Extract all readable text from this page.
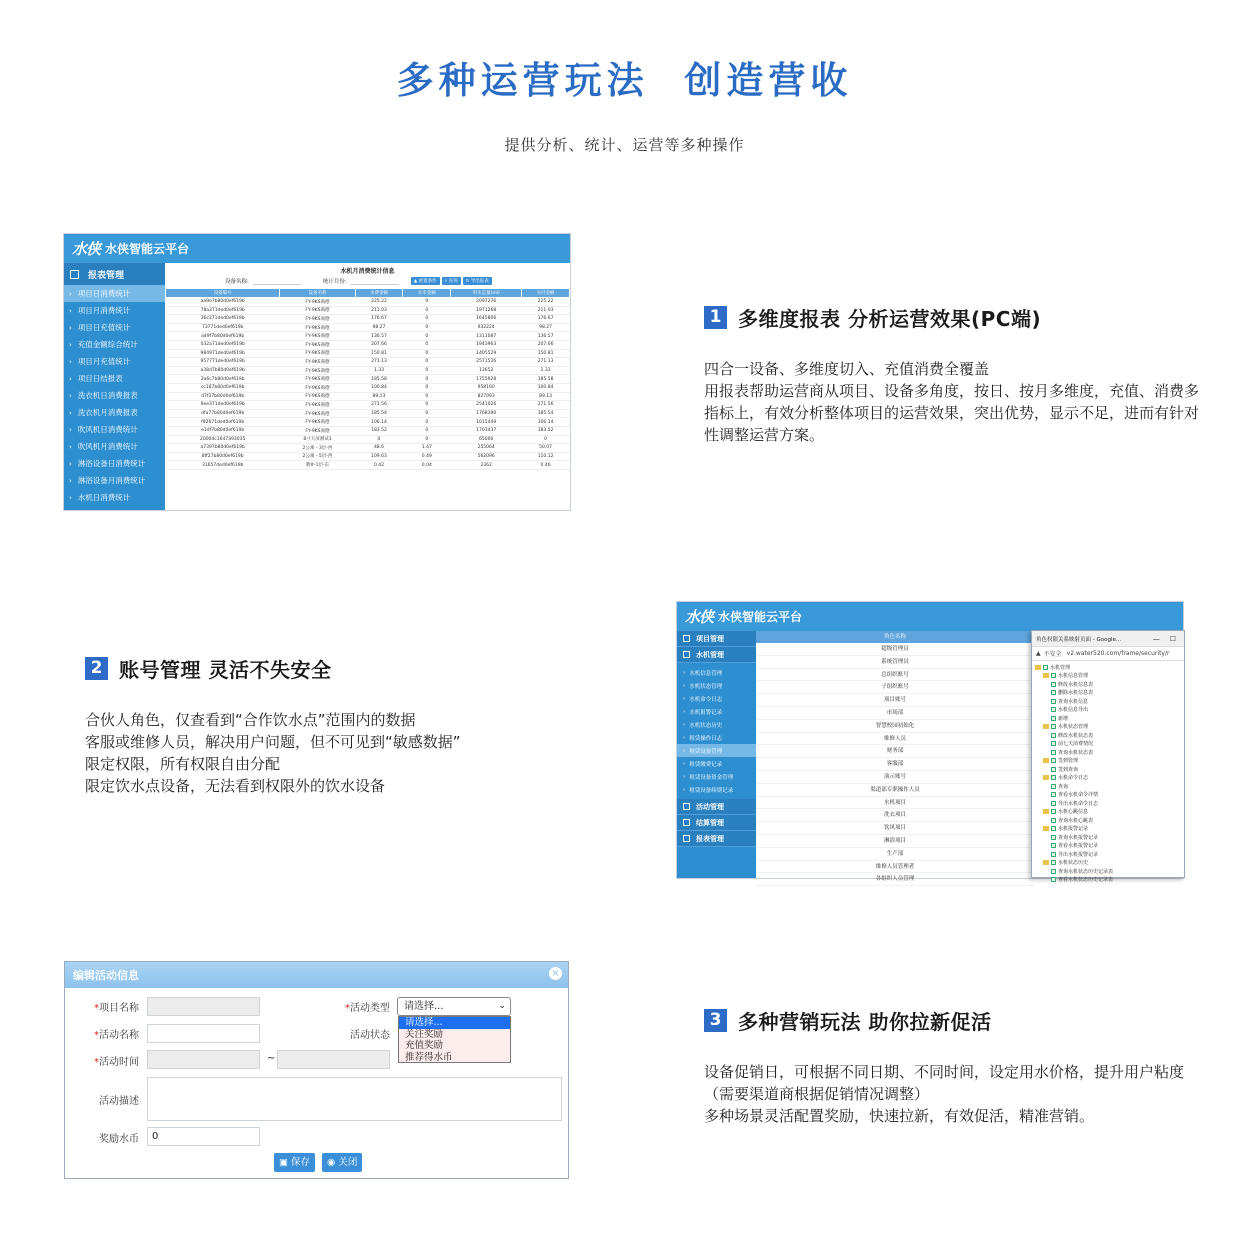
多种运营玩法  创造营收
提供分析、统计、运营等多种操作
水侠 水侠智能云平台
报表管理
› 项目日消费统计
› 项目月消费统计
› 项目日充值统计
› 充值金额综合统计
› 项目月充值统计
› 项目日结报表
› 洗衣机日消费报表
› 洗衣机月消费报表
› 吹风机日消费统计
› 吹风机月消费统计
› 淋浴设备日消费统计
› 淋浴设备月消费统计
› 水机日消费统计
水机月消费统计信息
设备名称:	统计月份:	▲ 重置条件	⌕ 查询	↻ 导出报表
设备编号	设备名称	水费金额	水币金额	用水总量(ml)	实付金额
aa9e7b80d0ef619b	FY-9KS商德	225.22	0	2097276	225.22
78a371ded0ef619b	FY-9KS商德	211.03	0	1971268	211.03
36c371ded0ef619b	FY-9KS商德	176.67	0	1645806	176.67
73771ded0ef619b	FY-9KS商德	98.27	0	932224	98.27
a49f7b80d0ef619b	FY-9KS商德	136.57	0	1311087	136.57
032a71ded0ef619b	FY-9KS商德	207.66	0	1943963	207.66
984971ded0ef619b	FY-9KS商德	150.81	0	1405529	150.81
957771ded0ef619b	FY-9KS商德	271.13	0	2571526	271.13
a38d7b80d0ef619b	FY-9KS商德	1.33	0	13652	1.33
3a6c7b80d0ef619b	FY-9KS商德	185.58	0	1755928	185.58
cc187b80d0ef619b	FY-9KS商德	100.84	0	958160	100.84
d7f37b80d0ef619b	FY-9KS商德	89.13	0	827093	89.13
9ee371ded0ef619b	FY-9KS商德	271.56	0	2541026	271.56
dfa77b80d0ef619b	FY-9KS商德	185.54	0	1768390	185.54
f92671ded0ef619b	FY-9KS商德	106.14	0	1015449	106.14
e1df7b80d0ef619b	FY-9KS商德	183.52	0	1703437	183.52
20004c1647393035	8寸大屏测试3	0	0	65000	0
a7397b80d0ef619b	2公寓 - 3层-西	48.6	1.47	255064	50.07
8ff27b80d0ef619b	2公寓 - 5层-西	109.63	0.49	562096	110.12
31657ded0ef619b	教#-1层-东	0.42	0.04	2362	0.46
1 多维度报表 分析运营效果(PC端)
四合一设备、多维度切入、充值消费全覆盖
用报表帮助运营商从项目、设备多角度，按日、按月多维度，充值、消费多指标上，有效分析整体项目的运营效果，突出优势，显示不足，进而有针对性调整运营方案。
水侠 水侠智能云平台
项目管理
水机管理
› 水机信息管理
› 水机状态管理
› 水机命令日志
› 水机报警记录
› 水机状态历史
› 租赁操作日志
› 租赁设备管理
› 租赁缴费记录
› 租赁设备资金管理
› 租赁设备续期记录
活动管理
结算管理
报表管理
角色名称
超级管理员
系统管理员
总组织账号
子组织账号
项目账号
市场部
智慧校园初始化
维修人员
财务部
客服部
演示账号
渠道部专职操作人员
水机项目
洗衣项目
饮风项目
淋浴项目
生产部
维修人员管理者
各组织人员管理
角色权限关系映射页面 - Google...	— ☐
▲ 不安全 v2.water520.com/frame/security/r
水机管理
水机信息管理
修改水机信息表
删除水机信息表
查询水机信息
水机信息导出
新增
水机状态管理
修改水机状态表
前七天消费情况
查询水机状态表
签到管理
签到查询
水机命令日志
查询
查看水机命令详情
导出水机命令日志
水机心跳信息
查询水机心跳表
水机报警记录
查询水机报警记录
查看水机报警记录
导出水机报警记录
水机状态历史
查询水机状态历史记录表
查看水机状态历史记录表
2 账号管理 灵活不失安全
合伙人角色，仅查看到“合作饮水点”范围内的数据
客服或维修人员，解决用户问题，但不可见到“敏感数据”
限定权限，所有权限自由分配
限定饮水点设备，无法看到权限外的饮水设备
编辑活动信息	×
*项目名称	*活动类型	请选择...	⌄
*活动名称	活动状态
*活动时间	~
活动描述
奖励水币	0
▣ 保存	◉ 关闭
请选择...
关注奖励
充值奖励
推荐得水币
3 多种营销玩法 助你拉新促活
设备促销日，可根据不同日期、不同时间，设定用水价格，提升用户粘度（需要渠道商根据促销情况调整）
多种场景灵活配置奖励，快速拉新，有效促活，精准营销。
